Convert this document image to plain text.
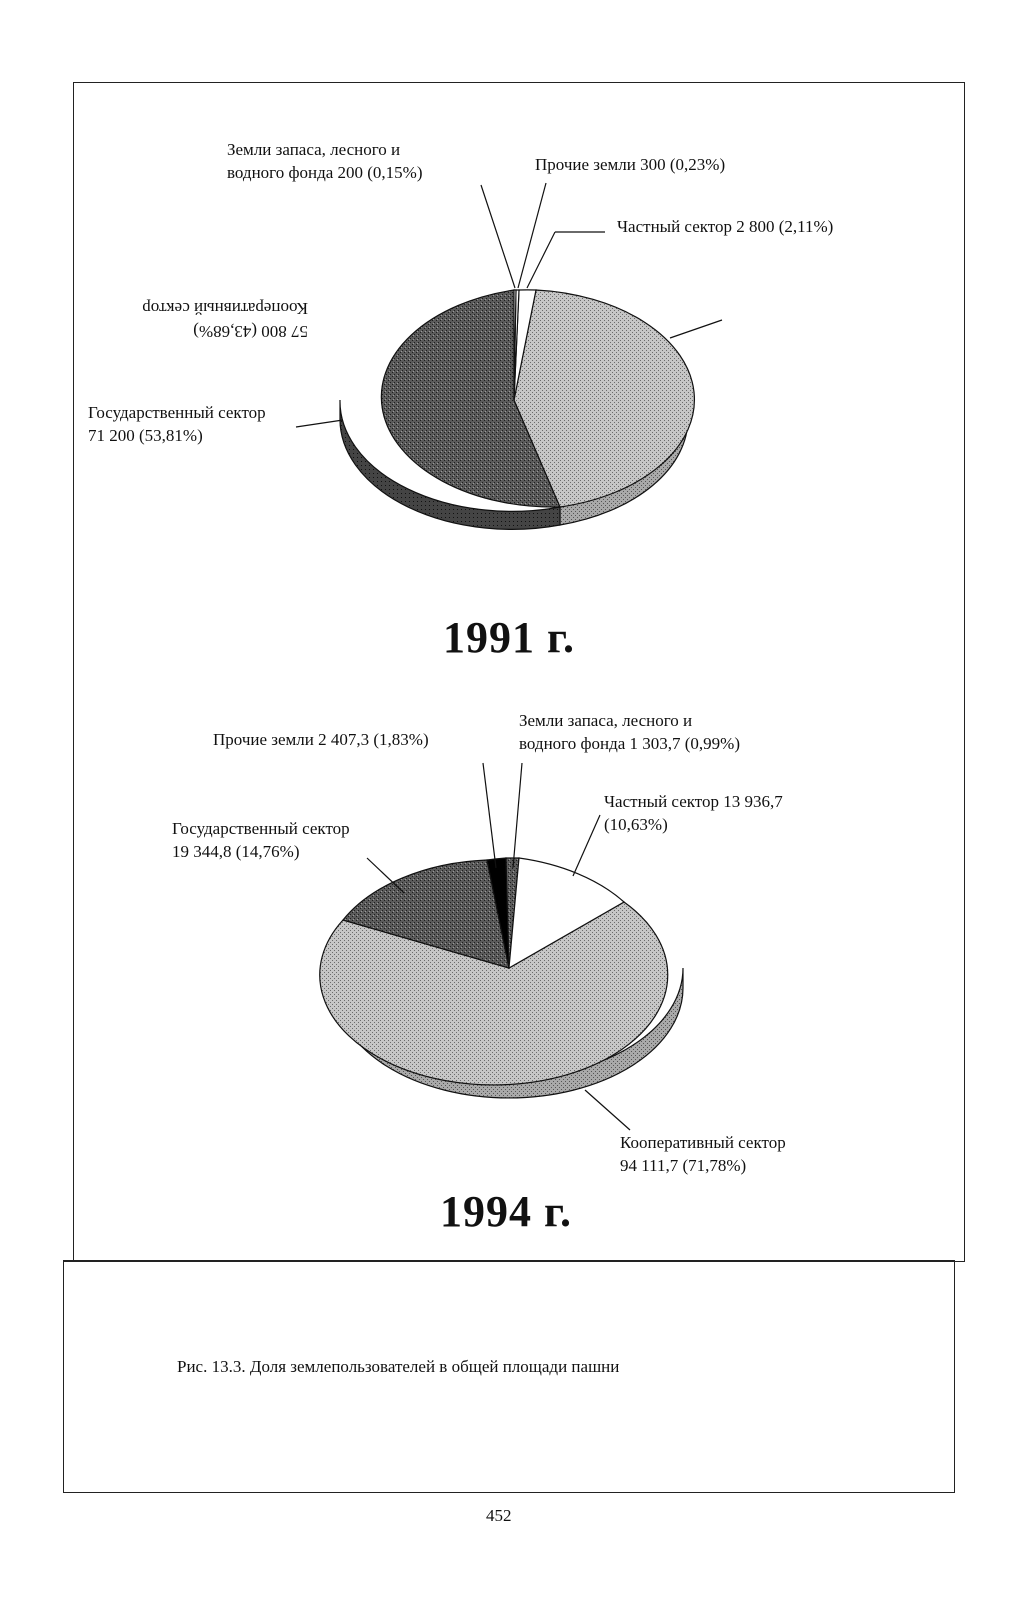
Земли запаса, лесного и
водного фонда 200 (0,15%)	Прочие земли 300 (0,23%)
Частный сектор 2 800 (2,11%)
Кооперативный сектор
57 800 (43,68%)
Государственный сектор
71 200 (53,81%)
Прочие земли 2 407,3 (1,83%)
Земли запаса, лесного и
водного фонда 1 303,7 (0,99%)
Частный сектор 13 936,7
(10,63%)
Государственный сектор
19 344,8 (14,76%)
Кооперативный сектор
94 111,7 (71,78%)
1991 г.
1994 г.
Рис. 13.3. Доля землепользователей в общей площади пашни
452
